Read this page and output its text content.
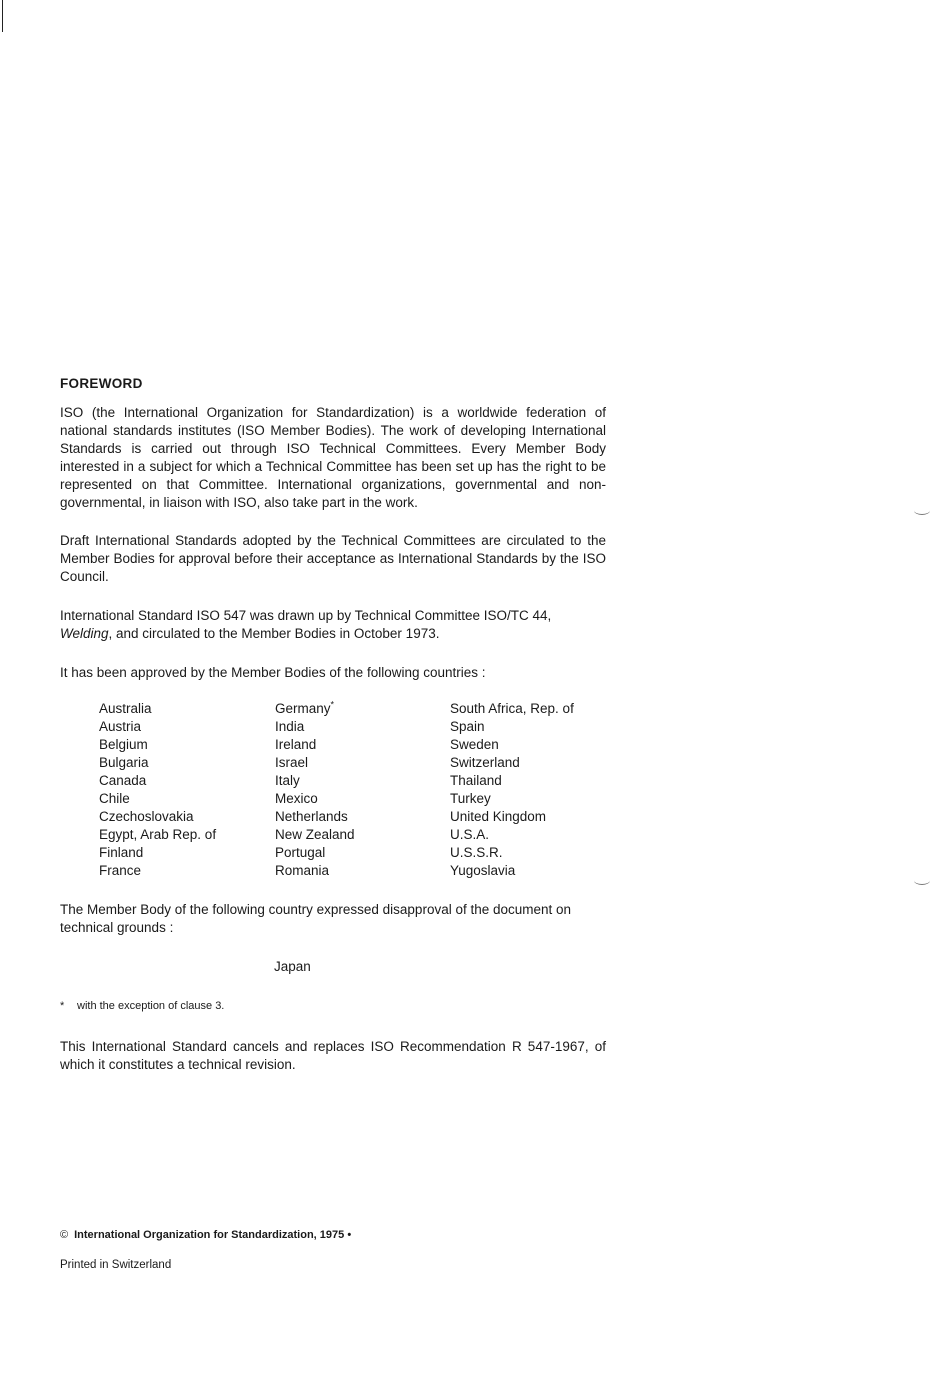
FOREWORD

ISO (the International Organization for Standardization) is a worldwide federation of national standards institutes (ISO Member Bodies). The work of developing International Standards is carried out through ISO Technical Committees. Every Member Body interested in a subject for which a Technical Committee has been set up has the right to be represented on that Committee. International organizations, governmental and non-governmental, in liaison with ISO, also take part in the work.

Draft International Standards adopted by the Technical Committees are circulated to the Member Bodies for approval before their acceptance as International Standards by the ISO Council.

International Standard ISO 547 was drawn up by Technical Committee ISO/TC 44,
Welding, and circulated to the Member Bodies in October 1973.

It has been approved by the Member Bodies of the following countries :

Australia
Austria
Belgium
Bulgaria
Canada
Chile
Czechoslovakia
Egypt, Arab Rep. of
Finland
France
Germany*
India
Ireland
Israel
Italy
Mexico
Netherlands
New Zealand
Portugal
Romania
South Africa, Rep. of
Spain
Sweden
Switzerland
Thailand
Turkey
United Kingdom
U.S.A.
U.S.S.R.
Yugoslavia

The Member Body of the following country expressed disapproval of the document on technical grounds :

Japan
* with the exception of clause 3.

This International Standard cancels and replaces ISO Recommendation R 547-1967, of which it constitutes a technical revision.

© International Organization for Standardization, 1975 •
Printed in Switzerland
